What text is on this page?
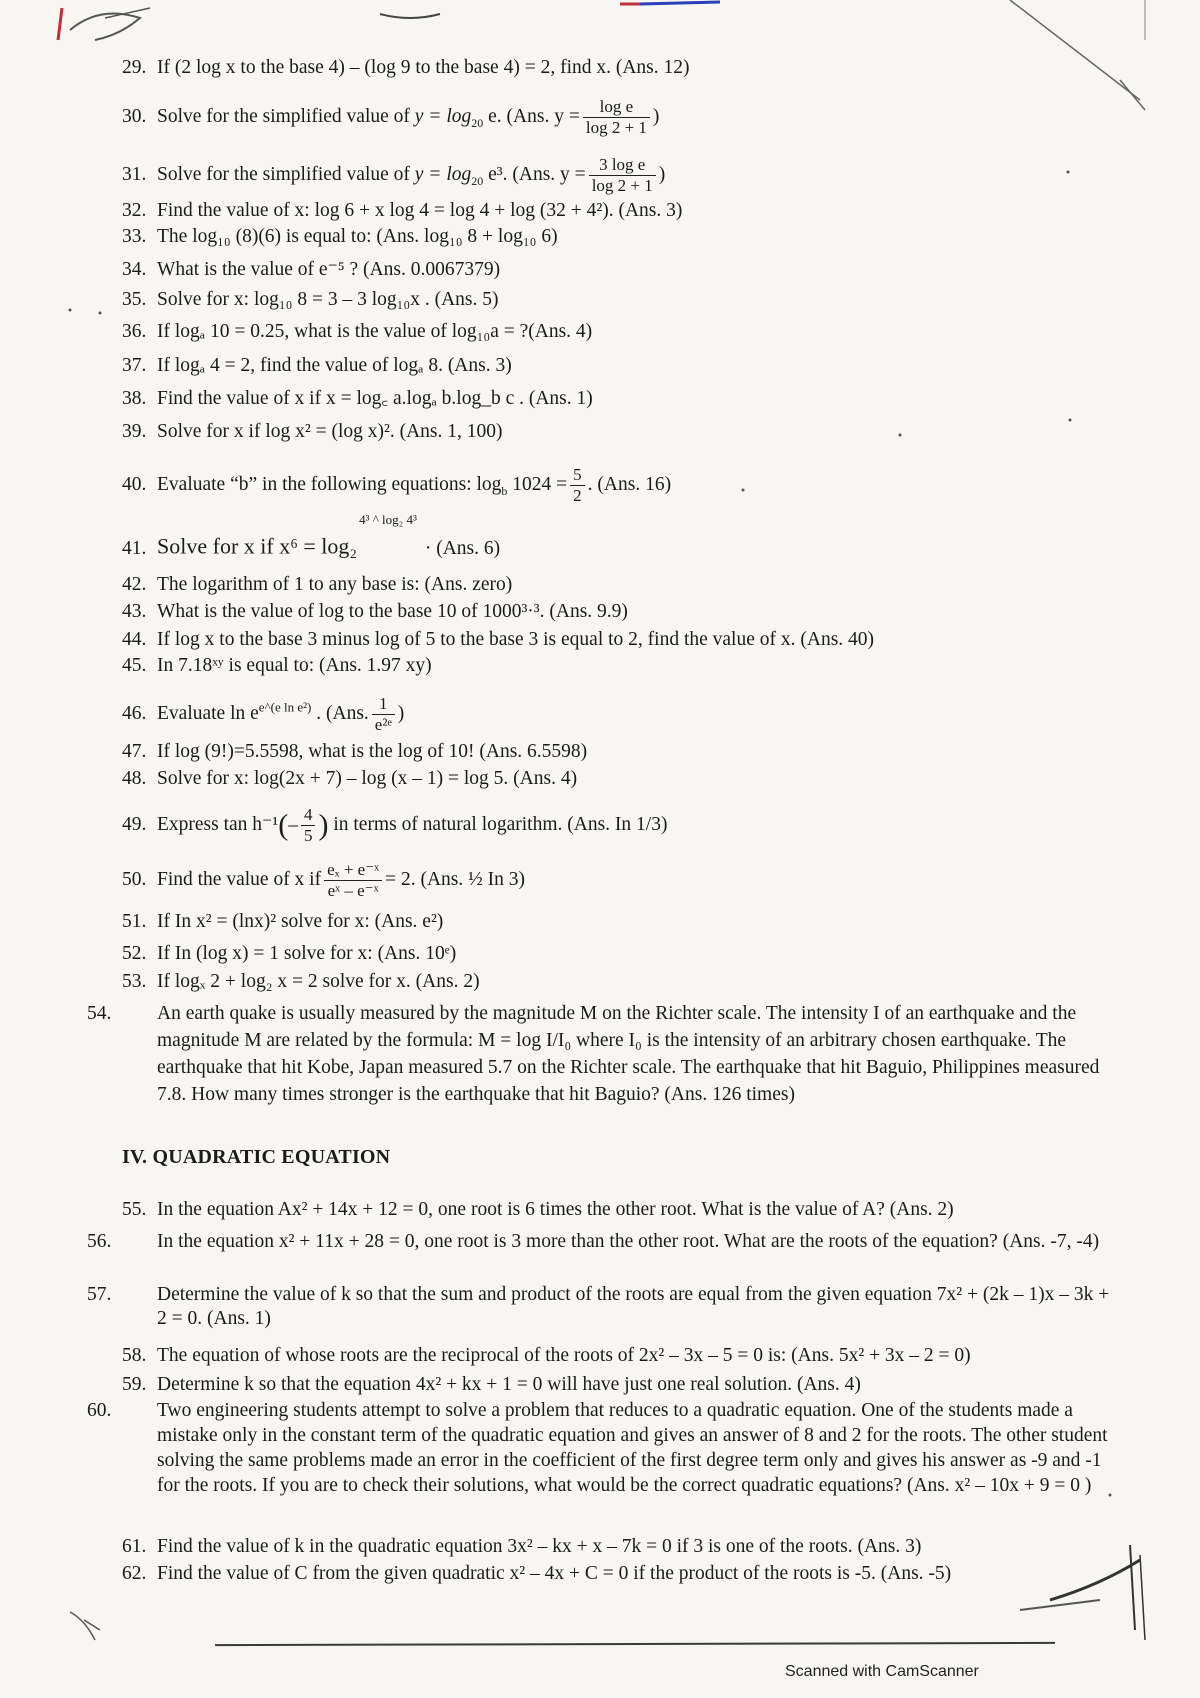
29. If (2 log x to the base 4) – (log 9 to the base 4) = 2, find x. (Ans. 12)
30. Solve for the simplified value of $y = \log_{20} e$. (Ans. $y = \frac{\text{log e}}{\log 2 + 1}$ )
31. Solve for the simplified value of $y = \log_{20} e^3$. (Ans. $y = \frac{\text{3 log e}}{\log 2 + 1}$ )
32. Find the value of x: log 6 + x log 4 = log 4 + log (32 + 4²). (Ans. 3)
33. The log₁₀ (8)(6) is equal to: (Ans. log₁₀ 8 + log₁₀ 6)
34. What is the value of e⁻⁵ ? (Ans. 0.0067379)
35. Solve for x: log₁₀ 8 = 3 – 3 log₁₀x . (Ans. 5)
36. If logₐ 10 = 0.25, what is the value of log₁₀a = ?(Ans. 4)
37. If logₐ 4 = 2, find the value of logₐ 8. (Ans. 3)
38. Find the value of x if x = log꜀ a.logₐ b.log_b c . (Ans. 1)
39. Solve for x if log x² = (log x)². (Ans. 1, 100)
40. Evaluate “b” in the following equations: $\log_b 1024 = \frac{5}{2}$ . (Ans. 16)
41. Solve for x if x⁶ = log₂$^{4^3 \^{} log_2 4^3}$· (Ans. 6)
42. The logarithm of 1 to any base is: (Ans. zero)
43. What is the value of log to the base 10 of 1000³·³. (Ans. 9.9)
44. If log x to the base 3 minus log of 5 to the base 3 is equal to 2, find the value of x. (Ans. 40)
45. In 7.18ˣʸ is equal to: (Ans. 1.97 xy)
46. Evaluate $\ln e^{e\^{}(e ln e^2)}$ . (Ans. $\frac{1}{\text{e²ᵉ}}$ )
47. If log (9!)=5.5598, what is the log of 10! (Ans. 6.5598)
48. Solve for x: log(2x + 7) – log (x – 1) = log 5. (Ans. 4)
49. Express $\tan h^{-1}(- \frac{4}{5}$ ) in terms of natural logarithm. (Ans. In 1/3)
50. Find the value of x if $\frac{\text{eₓ + e⁻ˣ}}{\text{eˣ – e⁻ˣ}} = 2$. (Ans. ½ In 3)
51. If In x² = (lnx)² solve for x: (Ans. e²)
52. If In (log x) = 1 solve for x: (Ans. 10ᵉ)
53. If logₓ 2 + log₂ x = 2 solve for x. (Ans. 2)
54. An earth quake is usually measured by the magnitude M on the Richter scale. The intensity I of an earthquake and the magnitude M are related by the formula: M = log I/I₀ where I₀ is the intensity of an arbitrary chosen earthquake. The earthquake that hit Kobe, Japan measured 5.7 on the Richter scale. The earthquake that hit Baguio, Philippines measured 7.8. How many times stronger is the earthquake that hit Baguio? (Ans. 126 times)
IV. QUADRATIC EQUATION
55. In the equation Ax² + 14x + 12 = 0, one root is 6 times the other root. What is the value of A? (Ans. 2)
56. In the equation x² + 11x + 28 = 0, one root is 3 more than the other root. What are the roots of the equation? (Ans. -7, -4)
57. Determine the value of k so that the sum and product of the roots are equal from the given equation 7x² + (2k – 1)x – 3k + 2 = 0. (Ans. 1)
58. The equation of whose roots are the reciprocal of the roots of 2x² – 3x – 5 = 0 is: (Ans. 5x² + 3x – 2 = 0)
59. Determine k so that the equation 4x² + kx + 1 = 0 will have just one real solution. (Ans. 4)
60. Two engineering students attempt to solve a problem that reduces to a quadratic equation. One of the students made a mistake only in the constant term of the quadratic equation and gives an answer of 8 and 2 for the roots. The other student solving the same problems made an error in the coefficient of the first degree term only and gives his answer as -9 and -1 for the roots. If you are to check their solutions, what would be the correct quadratic equations? (Ans. x² – 10x + 9 = 0 )
61. Find the value of k in the quadratic equation 3x² – kx + x – 7k = 0 if 3 is one of the roots. (Ans. 3)
62. Find the value of C from the given quadratic x² – 4x + C = 0 if the product of the roots is -5. (Ans. -5)
Scanned with CamScanner
